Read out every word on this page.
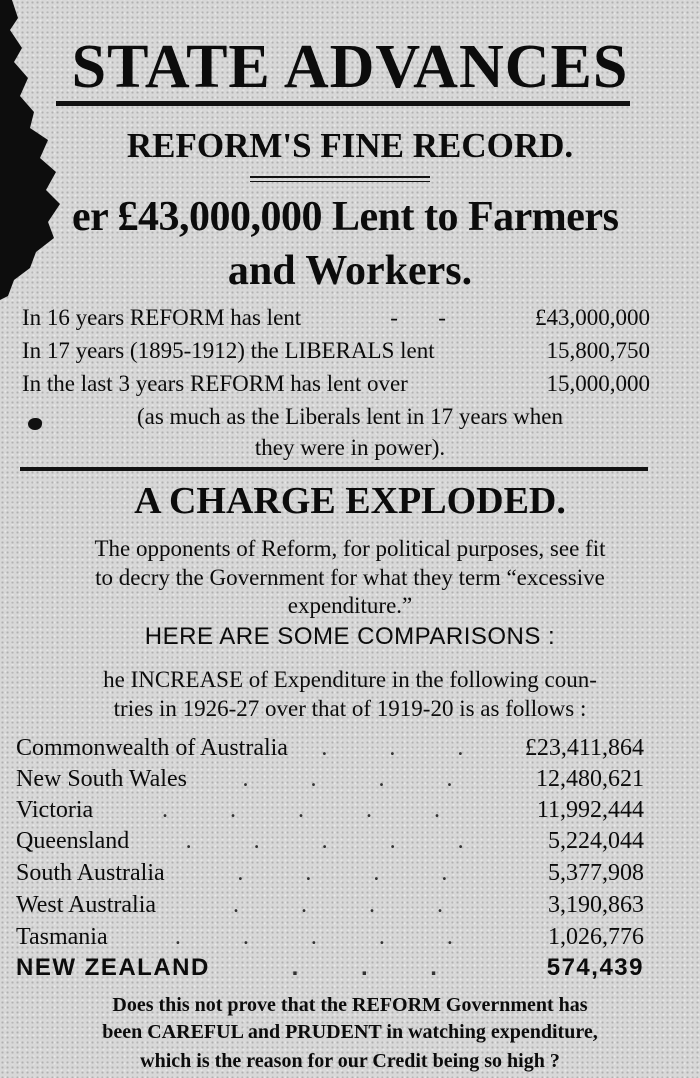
STATE ADVANCES
REFORM'S FINE RECORD.
er £43,000,000 Lent to Farmers
and Workers.
In 16 years REFORM has lent	-       -	£43,000,000
In 17 years (1895-1912) the LIBERALS lent	15,800,750
In the last 3 years REFORM has lent over	15,000,000
(as much as the Liberals lent in 17 years when
they were in power).
A CHARGE EXPLODED.
The opponents of Reform, for political purposes, see fit
to decry the Government for what they term “excessive
expenditure.”
HERE ARE SOME COMPARISONS :
he INCREASE of Expenditure in the following coun-
tries in 1926-27 over that of 1919-20 is as follows :
Commonwealth of Australia	. . .	£23,411,864
New South Wales	. . . .	12,480,621
Victoria	. . . . .	11,992,444
Queensland	. . . . .	5,224,044
South Australia	. . . .	5,377,908
West Australia	. . . .	3,190,863
Tasmania	. . . . .	1,026,776
NEW ZEALAND	. . .	574,439
Does this not prove that the REFORM Government has
been CAREFUL and PRUDENT in watching expenditure,
which is the reason for our Credit being so high ?
